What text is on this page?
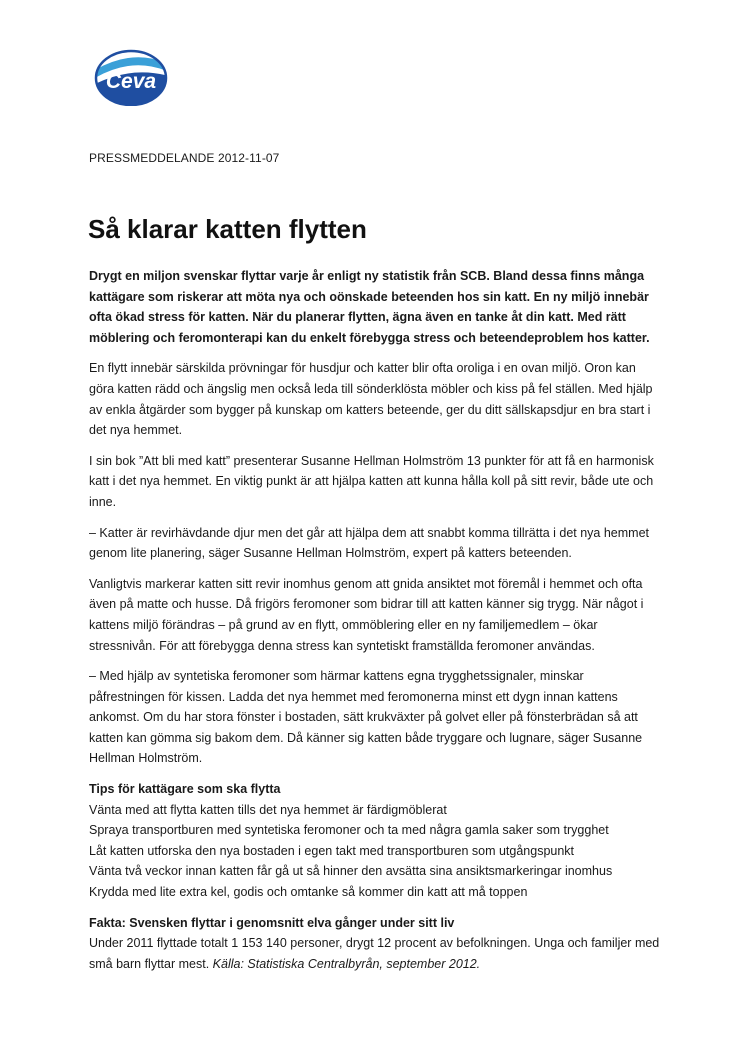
Ceva
PRESSMEDDELANDE 2012-11-07
Så klarar katten flytten

Drygt en miljon svenskar flyttar varje år enligt ny statistik från SCB. Bland dessa finns många kattägare som riskerar att möta nya och oönskade beteenden hos sin katt. En ny miljö innebär ofta ökad stress för katten. När du planerar flytten, ägna även en tanke åt din katt. Med rätt möblering och feromonterapi kan du enkelt förebygga stress och beteendeproblem hos katter.

En flytt innebär särskilda prövningar för husdjur och katter blir ofta oroliga i en ovan miljö. Oron kan göra katten rädd och ängslig men också leda till sönderklösta möbler och kiss på fel ställen. Med hjälp av enkla åtgärder som bygger på kunskap om katters beteende, ger du ditt sällskapsdjur en bra start i det nya hemmet.

I sin bok ”Att bli med katt” presenterar Susanne Hellman Holmström 13 punkter för att få en harmonisk katt i det nya hemmet. En viktig punkt är att hjälpa katten att kunna hålla koll på sitt revir, både ute och inne.

– Katter är revirhävdande djur men det går att hjälpa dem att snabbt komma tillrätta i det nya hemmet genom lite planering, säger Susanne Hellman Holmström, expert på katters beteenden.

Vanligtvis markerar katten sitt revir inomhus genom att gnida ansiktet mot föremål i hemmet och ofta även på matte och husse. Då frigörs feromoner som bidrar till att katten känner sig trygg. När något i kattens miljö förändras – på grund av en flytt, ommöblering eller en ny familjemedlem – ökar stressnivån. För att förebygga denna stress kan syntetiskt framställda feromoner användas.

– Med hjälp av syntetiska feromoner som härmar kattens egna trygghetssignaler, minskar påfrestningen för kissen. Ladda det nya hemmet med feromonerna minst ett dygn innan kattens ankomst. Om du har stora fönster i bostaden, sätt krukväxter på golvet eller på fönsterbrädan så att katten kan gömma sig bakom dem. Då känner sig katten både tryggare och lugnare, säger Susanne Hellman Holmström.

Tips för kattägare som ska flytta
Vänta med att flytta katten tills det nya hemmet är färdigmöblerat
Spraya transportburen med syntetiska feromoner och ta med några gamla saker som trygghet
Låt katten utforska den nya bostaden i egen takt med transportburen som utgångspunkt
Vänta två veckor innan katten får gå ut så hinner den avsätta sina ansiktsmarkeringar inomhus
Krydda med lite extra kel, godis och omtanke så kommer din katt att må toppen
Fakta: Svensken flyttar i genomsnitt elva gånger under sitt liv
Under 2011 flyttade totalt 1 153 140 personer, drygt 12 procent av befolkningen. Unga och familjer med små barn flyttar mest. Källa: Statistiska Centralbyrån, september 2012.
